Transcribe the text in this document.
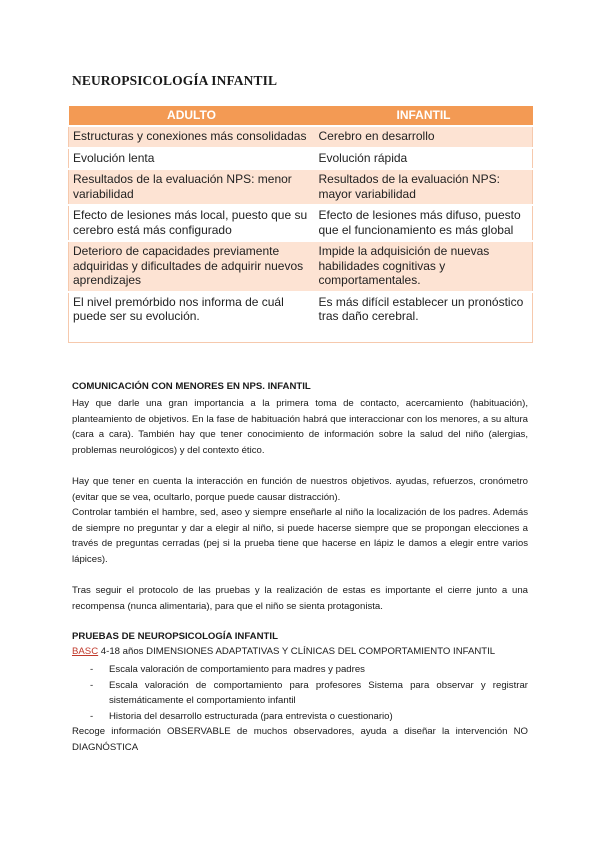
NEUROPSICOLOGÍA INFANTIL
ADULTO	INFANTIL
Estructuras y conexiones más consolidadas	Cerebro en desarrollo
Evolución lenta	Evolución rápida
Resultados de la evaluación NPS: menor variabilidad	Resultados de la evaluación NPS: mayor variabilidad
Efecto de lesiones más local, puesto que su cerebro está más configurado	Efecto de lesiones más difuso, puesto que el funcionamiento es más global
Deterioro de capacidades previamente adquiridas y dificultades de adquirir nuevos aprendizajes	Impide la adquisición de nuevas habilidades cognitivas y comportamentales.
El nivel premórbido nos informa de cuál puede ser su evolución.	Es más difícil establecer un pronóstico tras daño cerebral.
COMUNICACIÓN CON MENORES EN NPS. INFANTIL
Hay que darle una gran importancia a la primera toma de contacto, acercamiento (habituación), planteamiento de objetivos. En la fase de habituación habrá que interaccionar con los menores, a su altura (cara a cara). También hay que tener conocimiento de información sobre la salud del niño (alergias, problemas neurológicos) y del contexto ético.
Hay que tener en cuenta la interacción en función de nuestros objetivos. ayudas, refuerzos, cronómetro (evitar que se vea, ocultarlo, porque puede causar distracción).
Controlar también el hambre, sed, aseo y siempre enseñarle al niño la localización de los padres. Además de siempre no preguntar y dar a elegir al niño, si puede hacerse siempre que se propongan elecciones a través de preguntas cerradas (pej si la prueba tiene que hacerse en lápiz le damos a elegir entre varios lápices).
Tras seguir el protocolo de las pruebas y la realización de estas es importante el cierre junto a una recompensa (nunca alimentaria), para que el niño se sienta protagonista.
PRUEBAS DE NEUROPSICOLOGÍA INFANTIL
BASC 4-18 años DIMENSIONES ADAPTATIVAS Y CLÍNICAS DEL COMPORTAMIENTO INFANTIL
- Escala valoración de comportamiento para madres y padres
- Escala valoración de comportamiento para profesores Sistema para observar y registrar sistemáticamente el comportamiento infantil
- Historia del desarrollo estructurada (para entrevista o cuestionario)
Recoge información OBSERVABLE de muchos observadores, ayuda a diseñar la intervención NO DIAGNÓSTICA
